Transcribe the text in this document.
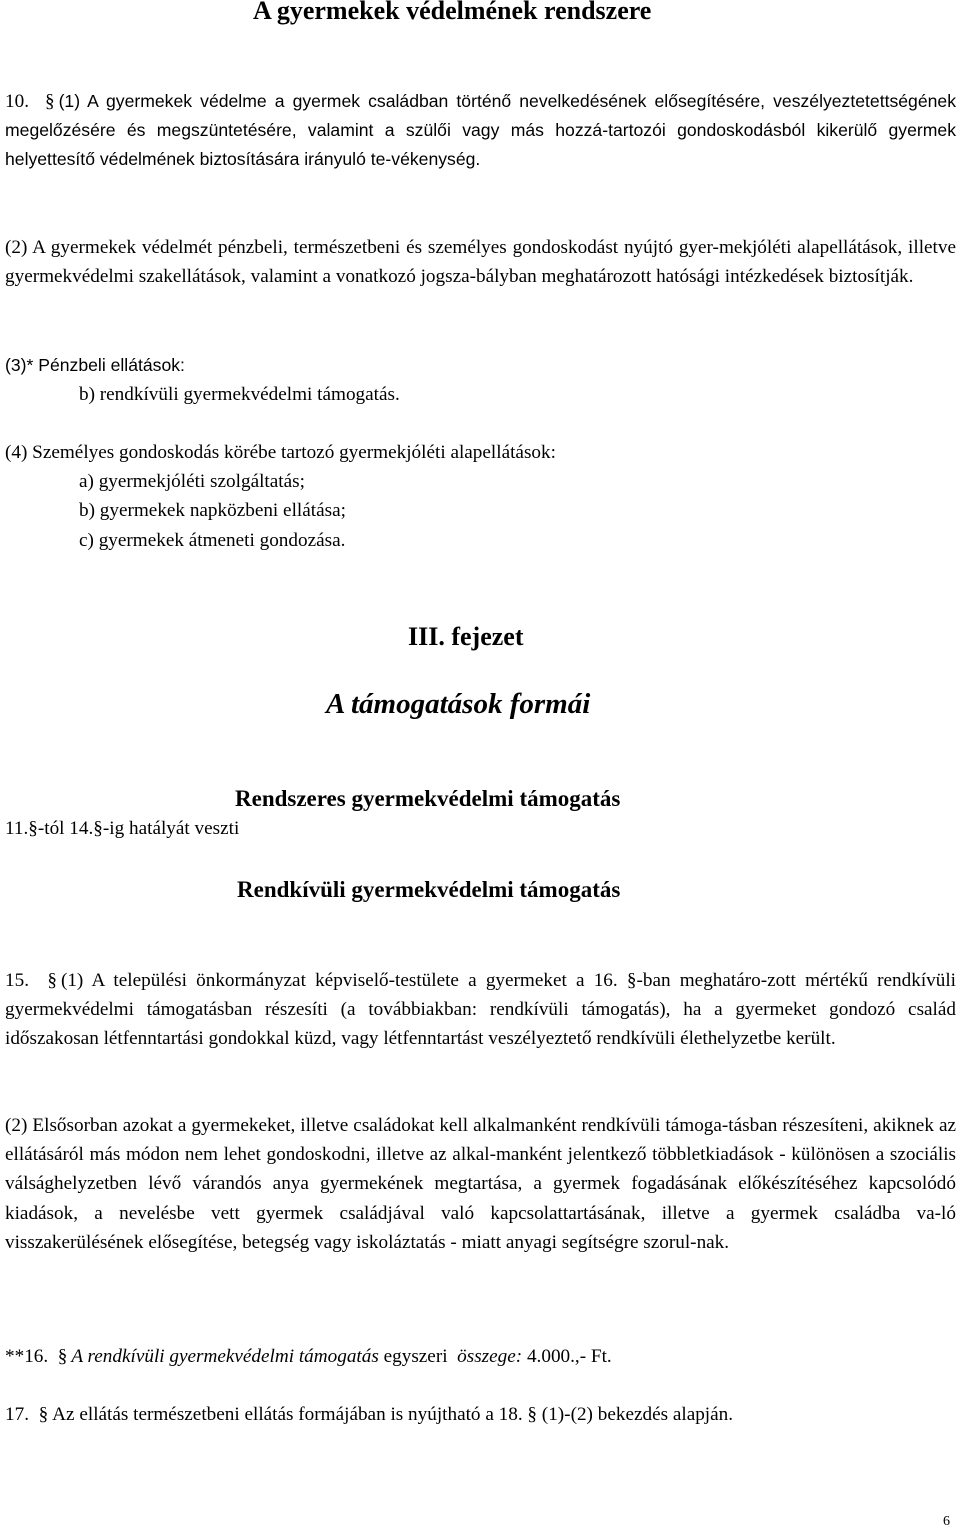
A gyermekek védelmének rendszere

10. § (1) A gyermekek védelme a gyermek családban történő nevelkedésének elősegítésére, veszélyeztetettségének megelőzésére és megszüntetésére, valamint a szülői vagy más hozzá-tartozói gondoskodásból kikerülő gyermek helyettesítő védelmének biztosítására irányuló te-vékenység.

(2) A gyermekek védelmét pénzbeli, természetbeni és személyes gondoskodást nyújtó gyer-mekjóléti alapellátások, illetve gyermekvédelmi szakellátások, valamint a vonatkozó jogsza-bályban meghatározott hatósági intézkedések biztosítják.

(3)* Pénzbeli ellátások:

b) rendkívüli gyermekvédelmi támogatás.

(4) Személyes gondoskodás körébe tartozó gyermekjóléti alapellátások:

a) gyermekjóléti szolgáltatás;

b) gyermekek napközbeni ellátása;

c) gyermekek átmeneti gondozása.

III. fejezet
A támogatások formái
Rendszeres gyermekvédelmi támogatás
11.§-tól 14.§-ig hatályát veszti
Rendkívüli gyermekvédelmi támogatás

15. § (1) A települési önkormányzat képviselő-testülete a gyermeket a 16. §-ban meghatáro-zott mértékű rendkívüli gyermekvédelmi támogatásban részesíti (a továbbiakban: rendkívüli támogatás), ha a gyermeket gondozó család időszakosan létfenntartási gondokkal küzd, vagy létfenntartást veszélyeztető rendkívüli élethelyzetbe került.

(2) Elsősorban azokat a gyermekeket, illetve családokat kell alkalmanként rendkívüli támoga-tásban részesíteni, akiknek az ellátásáról más módon nem lehet gondoskodni, illetve az alkal-manként jelentkező többletkiadások - különösen a szociális válsághelyzetben lévő várandós anya gyermekének megtartása, a gyermek fogadásának előkészítéséhez kapcsolódó kiadások, a nevelésbe vett gyermek családjával való kapcsolattartásának, illetve a gyermek családba va-ló visszakerülésének elősegítése, betegség vagy iskoláztatás - miatt anyagi segítségre szorul-nak.

**16. § A rendkívüli gyermekvédelmi támogatás egyszeri összege: 4.000.,- Ft.
17. § Az ellátás természetbeni ellátás formájában is nyújtható a 18. § (1)-(2) bekezdés alapján.
6
